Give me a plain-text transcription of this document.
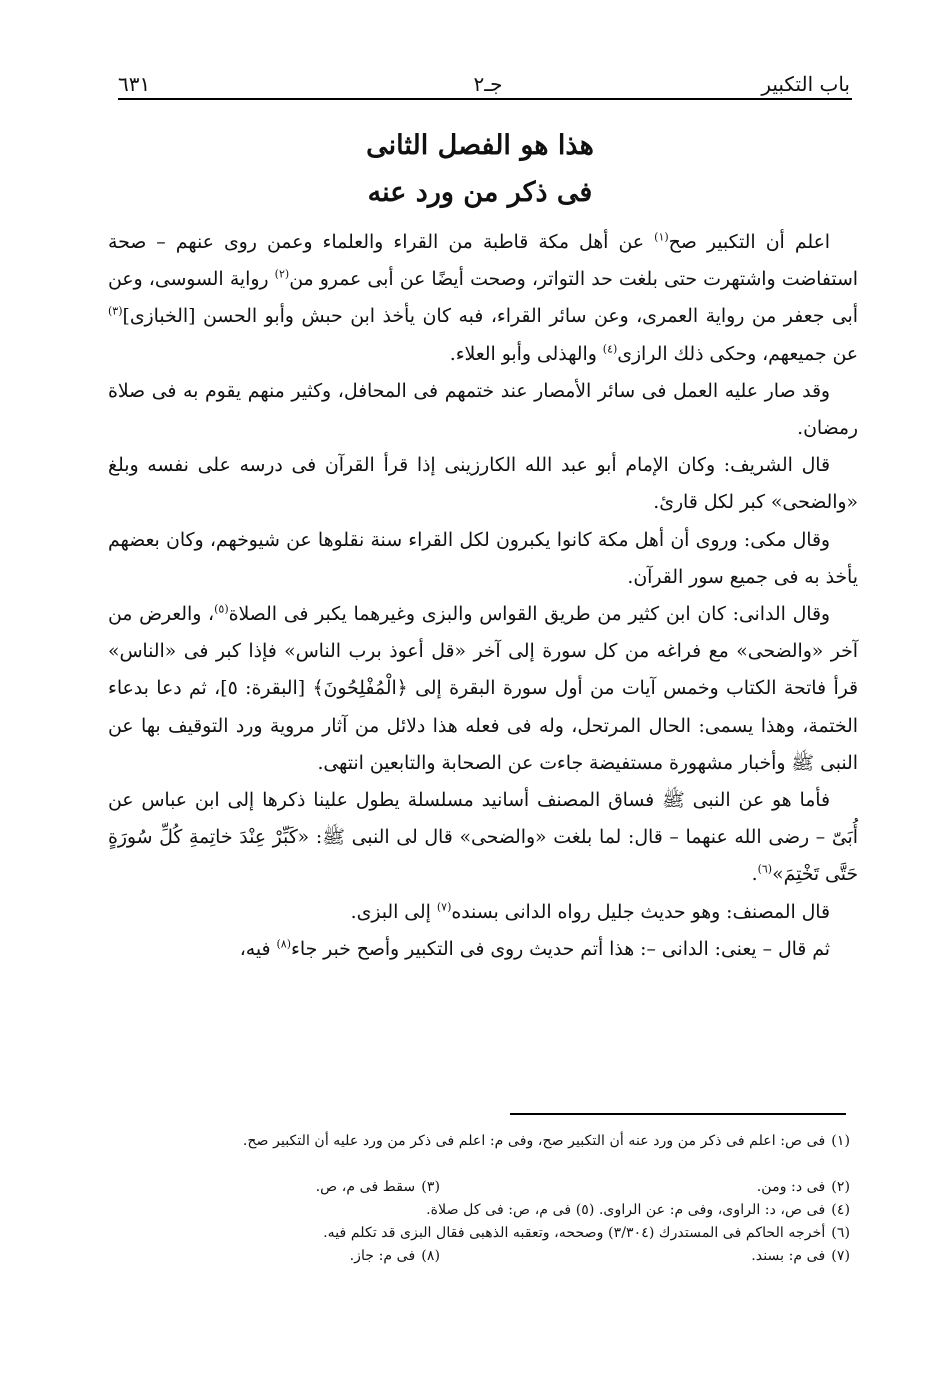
باب التكبير
جـ٢
٦٣١
هذا هو الفصل الثانى
فى ذكر من ورد عنه

اعلم أن التكبير صح$^{(١)}$ عن أهل مكة قاطبة من القراء والعلماء وعمن روى عنهم – صحة استفاضت واشتهرت حتى بلغت حد التواتر، وصحت أيضًا عن أبى عمرو من$^{(٢)}$ رواية السوسى، وعن أبى جعفر من رواية العمرى، وعن سائر القراء، فبه كان يأخذ ابن حبش وأبو الحسن [الخبازى]$^{(٣)}$ عن جميعهم، وحكى ذلك الرازى$^{(٤)}$ والهذلى وأبو العلاء.

وقد صار عليه العمل فى سائر الأمصار عند ختمهم فى المحافل، وكثير منهم يقوم به فى صلاة رمضان.

قال الشريف: وكان الإمام أبو عبد الله الكارزينى إذا قرأ القرآن فى درسه على نفسه وبلغ «والضحى» كبر لكل قارئ.

وقال مكى: وروى أن أهل مكة كانوا يكبرون لكل القراء سنة نقلوها عن شيوخهم، وكان بعضهم يأخذ به فى جميع سور القرآن.

وقال الدانى: كان ابن كثير من طريق القواس والبزى وغيرهما يكبر فى الصلاة$^{(٥)}$، والعرض من آخر «والضحى» مع فراغه من كل سورة إلى آخر «قل أعوذ برب الناس» فإذا كبر فى «الناس» قرأ فاتحة الكتاب وخمس آيات من أول سورة البقرة إلى ﴿الْمُفْلِحُونَ﴾ [البقرة: ٥]، ثم دعا بدعاء الختمة، وهذا يسمى: الحال المرتحل، وله فى فعله هذا دلائل من آثار مروية ورد التوقيف بها عن النبى ﷺ وأخبار مشهورة مستفيضة جاءت عن الصحابة والتابعين انتهى.

فأما هو عن النبى ﷺ فساق المصنف أسانيد مسلسلة يطول علينا ذكرها إلى ابن عباس عن أُبَىّ – رضى الله عنهما – قال: لما بلغت «والضحى» قال لى النبى ﷺ: «كَبِّرْ عِنْدَ خاتِمةِ كُلِّ سُورَةٍ حَتَّى تَخْتِمَ»$^{(٦)}$.

قال المصنف: وهو حديث جليل رواه الدانى بسنده$^{(٧)}$ إلى البزى.

ثم قال – يعنى: الدانى –: هذا أتم حديث روى فى التكبير وأصح خبر جاء$^{(٨)}$ فيه،

(١)فى ص: اعلم فى ذكر من ورد عنه أن التكبير صح، وفى م: اعلم فى ذكر من ورد عليه أن التكبير صح.
(٢)فى د: ومن.
(٣)سقط فى م، ص.
(٤)فى ص، د: الراوى، وفى م: عن الراوى. (٥) فى م، ص: فى كل صلاة.
(٦)أخرجه الحاكم فى المستدرك (٣/٣٠٤) وصححه، وتعقبه الذهبى فقال البزى قد تكلم فيه.
(٧)فى م: بسند.
(٨)فى م: جاز.
